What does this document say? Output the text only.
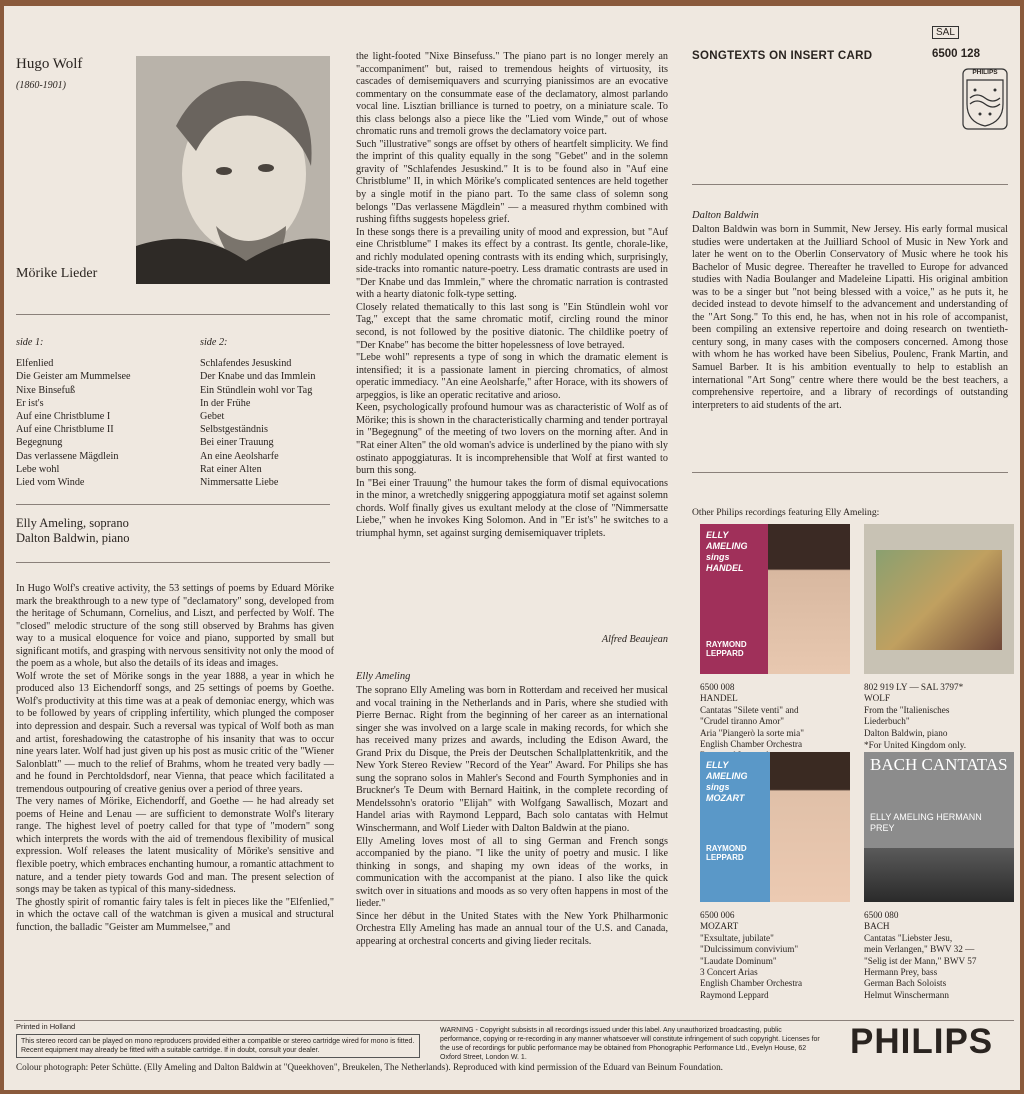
Hugo Wolf
(1860-1901)
Mörike Lieder
side 1:
Elfenlied
Die Geister am Mummelsee
Nixe Binsefuß
Er ist's
Auf eine Christblume I
Auf eine Christblume II
Begegnung
Das verlassene Mägdlein
Lebe wohl
Lied vom Winde
side 2:
Schlafendes Jesuskind
Der Knabe und das Immlein
Ein Stündlein wohl vor Tag
In der Frühe
Gebet
Selbstgeständnis
Bei einer Trauung
An eine Aeolsharfe
Rat einer Alten
Nimmersatte Liebe
Elly Ameling, soprano
Dalton Baldwin, piano

In Hugo Wolf's creative activity, the 53 settings of poems by Eduard Mörike mark the breakthrough to a new type of "declamatory" song, developed from the heritage of Schumann, Cornelius, and Liszt, and perfected by Wolf. The "closed" melodic structure of the song still observed by Brahms has given way to a musical eloquence for voice and piano, supported by small but significant motifs, and grasping with nervous sensitivity not only the mood of the poem as a whole, but also the details of its ideas and images.

Wolf wrote the set of Mörike songs in the year 1888, a year in which he produced also 13 Eichendorff songs, and 25 settings of poems by Goethe. Wolf's productivity at this time was at a peak of demoniac energy, which was to be followed by years of crippling infertility, which plunged the composer into depression and despair. Such a reversal was typical of Wolf both as man and artist, foreshadowing the catastrophe of his insanity that was to occur nine years later. Wolf had just given up his post as music critic of the "Wiener Salonblatt" — much to the relief of Brahms, whom he treated very badly — and he found in Perchtoldsdorf, near Vienna, that peace which facilitated a tremendous outpouring of creative genius over a period of three years.

The very names of Mörike, Eichendorff, and Goethe — he had already set poems of Heine and Lenau — are sufficient to demonstrate Wolf's literary range. The highest level of poetry called for that type of "modern" song which interprets the words with the aid of tremendous flexibility of musical expression. Wolf releases the latent musicality of Mörike's sensitive and flexible poetry, which embraces enchanting humour, a romantic attachment to nature, and a tender piety towards God and man. The present selection of songs may be taken as typical of this many-sidedness.

The ghostly spirit of romantic fairy tales is felt in pieces like the "Elfenlied," in which the octave call of the watchman is given a musical and structural function, the balladic "Geister am Mummelsee," and

the light-footed "Nixe Binsefuss." The piano part is no longer merely an "accompaniment" but, raised to tremendous heights of virtuosity, its cascades of demisemiquavers and scurrying pianissimos are an evocative commentary on the consummate ease of the declamatory, almost parlando vocal line. Lisztian brilliance is turned to poetry, on a miniature scale. To this class belongs also a piece like the "Lied vom Winde," out of whose chromatic runs and tremoli grows the declamatory voice part.

Such "illustrative" songs are offset by others of heartfelt simplicity. We find the imprint of this quality equally in the song "Gebet" and in the solemn gravity of "Schlafendes Jesuskind." It is to be found also in "Auf eine Christblume" II, in which Mörike's complicated sentences are held together by a single motif in the piano part. To the same class of solemn song belongs "Das verlassene Mägdlein" — a measured rhythm combined with rushing fifths suggests hopeless grief.

In these songs there is a prevailing unity of mood and expression, but "Auf eine Christblume" I makes its effect by a contrast. Its gentle, chorale-like, and richly modulated opening contrasts with its ending which, surprisingly, side-tracks into romantic nature-poetry. Less dramatic contrasts are used in "Der Knabe und das Immlein," where the chromatic narration is contrasted with a hearty diatonic folk-type setting.

Closely related thematically to this last song is "Ein Stündlein wohl vor Tag," except that the same chromatic motif, circling round the minor second, is not followed by the positive diatonic. The childlike poetry of "Der Knabe" has become the bitter hopelessness of love betrayed.

"Lebe wohl" represents a type of song in which the dramatic element is intensified; it is a passionate lament in piercing chromatics, of almost operatic immediacy. "An eine Aeolsharfe," after Horace, with its showers of arpeggios, is like an operatic recitative and arioso.

Keen, psychologically profound humour was as characteristic of Wolf as of Mörike; this is shown in the characteristically charming and tender portrayal in "Begegnung" of the meeting of two lovers on the morning after. And in "Rat einer Alten" the old woman's advice is underlined by the piano with sly ostinato appoggiaturas. It is incomprehensible that Wolf at first wanted to burn this song.

In "Bei einer Trauung" the humour takes the form of dismal equivocations in the minor, a wretchedly sniggering appoggiatura motif set against solemn chords. Wolf finally gives us exultant melody at the close of "Nimmersatte Liebe," when he invokes King Solomon. And in "Er ist's" he switches to a triumphal hymn, set against surging demisemiquaver triplets.

Alfred Beaujean
Elly Ameling

The soprano Elly Ameling was born in Rotterdam and received her musical and vocal training in the Netherlands and in Paris, where she studied with Pierre Bernac. Right from the beginning of her career as an international singer she was involved on a large scale in making records, for which she has received many prizes and awards, including the Edison Award, the Grand Prix du Disque, the Preis der Deutschen Schallplattenkritik, and the New York Stereo Review "Record of the Year" Award. For Philips she has sung the soprano solos in Mahler's Second and Fourth Symphonies and in Bruckner's Te Deum with Bernard Haitink, in the complete recording of Mendelssohn's oratorio "Elijah" with Wolfgang Sawallisch, Mozart and Handel arias with Raymond Leppard, Bach solo cantatas with Helmut Winschermann, and Wolf Lieder with Dalton Baldwin at the piano.

Elly Ameling loves most of all to sing German and French songs accompanied by the piano. "I like the unity of poetry and music. I like thinking in songs, and shaping my own ideas of the works, in communication with the accompanist at the piano. I also like the quick switch over in situations and moods as so very often happens in most of the lieder."

Since her début in the United States with the New York Philharmonic Orchestra Elly Ameling has made an annual tour of the U.S. and Canada, appearing at orchestral concerts and giving lieder recitals.

SONGTEXTS ON INSERT CARD
SAL
6500 128
PHILIPS
Dalton Baldwin
Dalton Baldwin was born in Summit, New Jersey. His early formal musical studies were undertaken at the Juilliard School of Music in New York and later he went on to the Oberlin Conservatory of Music where he took his Bachelor of Music degree. Thereafter he travelled to Europe for advanced studies with Nadia Boulanger and Madeleine Lipatti. His original ambition was to be a singer but "not being blessed with a voice," as he puts it, he decided instead to devote himself to the advancement and understanding of the "Art Song." To this end, he has, when not in his role of accompanist, been compiling an extensive repertoire and doing research on twentieth-century song, in many cases with the composers concerned. Among those with whom he has worked have been Sibelius, Poulenc, Frank Martin, and Samuel Barber. It is his ambition eventually to help to establish an international "Art Song" centre where there would be the best teachers, a comprehensive repertoire, and a library of recordings of outstanding interpreters to aid students of the art.
Other Philips recordings featuring Elly Ameling:
ELLY AMELING sings HANDEL
RAYMOND LEPPARD
6500 008
HANDEL
Cantatas "Silete venti" and
"Crudel tiranno Amor"
Aria "Piangerò la sorte mia"
English Chamber Orchestra
802 919 LY — SAL 3797*
WOLF
From the "Italienisches
Liederbuch"
Dalton Baldwin, piano
*For United Kingdom only.
ELLY AMELING sings MOZART
RAYMOND LEPPARD
6500 006
MOZART
"Exsultate, jubilate"
"Dulcissimum convivium"
"Laudate Dominum"
3 Concert Arias
English Chamber Orchestra
Raymond Leppard
BACH CANTATAS
ELLY AMELING HERMANN PREY
6500 080
BACH
Cantatas "Liebster Jesu,
mein Verlangen," BWV 32 —
"Selig ist der Mann," BWV 57
Hermann Prey, bass
German Bach Soloists
Helmut Winschermann
Printed in Holland
This stereo record can be played on mono reproducers provided either a compatible or stereo cartridge wired for mono is fitted. Recent equipment may already be fitted with a suitable cartridge. If in doubt, consult your dealer.
WARNING - Copyright subsists in all recordings issued under this label. Any unauthorized broadcasting, public performance, copying or re-recording in any manner whatsoever will constitute infringement of such copyright. Licenses for the use of recordings for public performance may be obtained from Phonographic Performance Ltd., Evelyn House, 62 Oxford Street, London W. 1.
Colour photograph: Peter Schütte. (Elly Ameling and Dalton Baldwin at "Queekhoven", Breukelen, The Netherlands). Reproduced with kind permission of the Eduard van Beinum Foundation.
PHILIPS
